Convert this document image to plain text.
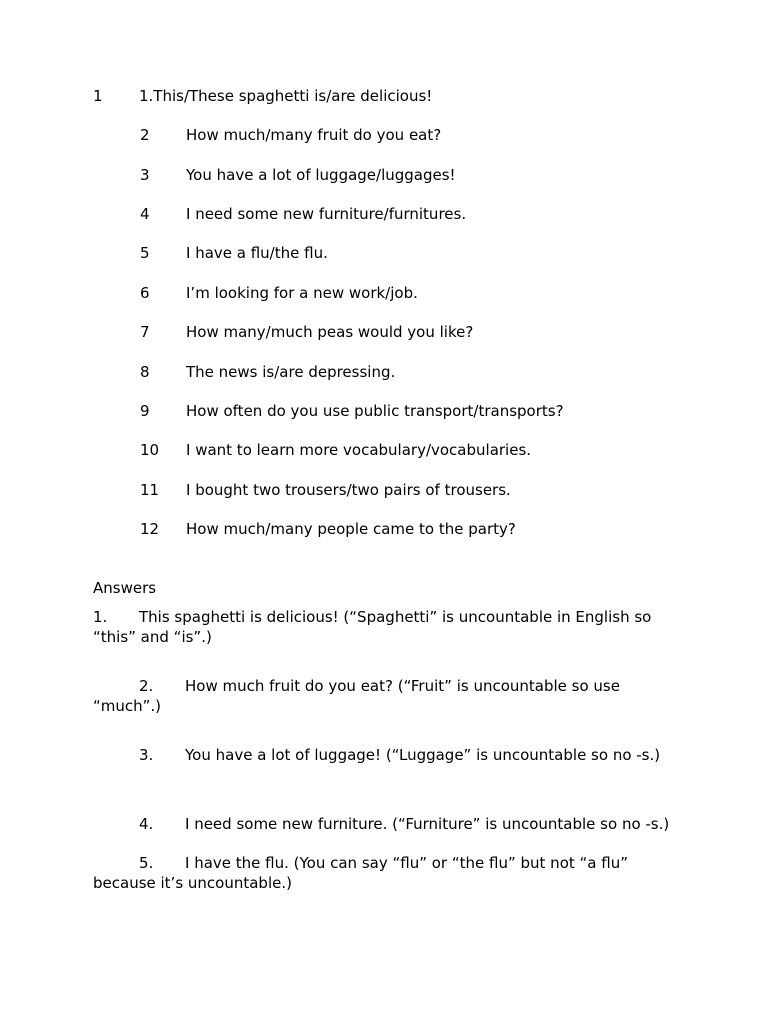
1 1.This/These spaghetti is/are delicious!
2 How much/many fruit do you eat?
3 You have a lot of luggage/luggages!
4 I need some new furniture/furnitures.
5 I have a flu/the flu.
6 I’m looking for a new work/job.
7 How many/much peas would you like?
8 The news is/are depressing.
9 How often do you use public transport/transports?
10 I want to learn more vocabulary/vocabularies.
11 I bought two trousers/two pairs of trousers.
12 How much/many people came to the party?
Answers
1. This spaghetti is delicious! (“Spaghetti” is uncountable in English so “this” and “is”.)
2. How much fruit do you eat? (“Fruit” is uncountable so use “much”.)
3. You have a lot of luggage! (“Luggage” is uncountable so no -s.)
4. I need some new furniture. (“Furniture” is uncountable so no -s.)
5. I have the flu. (You can say “flu” or “the flu” but not “a flu” because it’s uncountable.)
